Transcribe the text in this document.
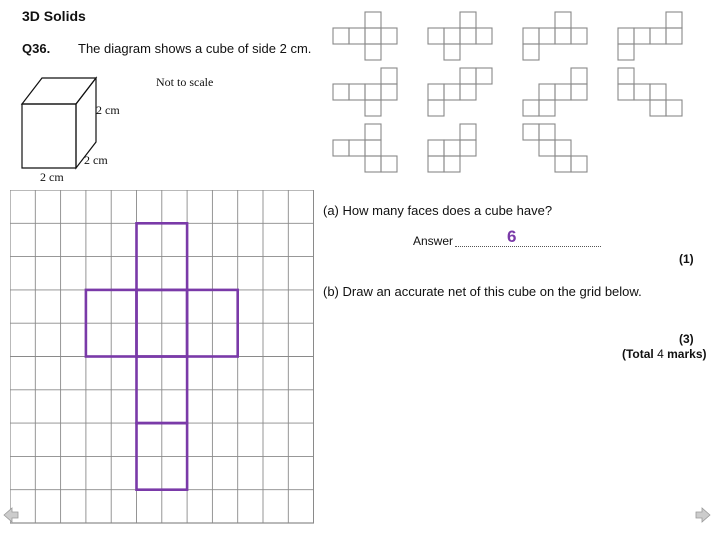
3D Solids
Q36. The diagram shows a cube of side 2 cm.
Not to scale
2 cm
2 cm
2 cm
(a) How many faces does a cube have?
Answer	6
(1)
(b) Draw an accurate net of this cube on the grid below.
(3)
(Total 4 marks)
